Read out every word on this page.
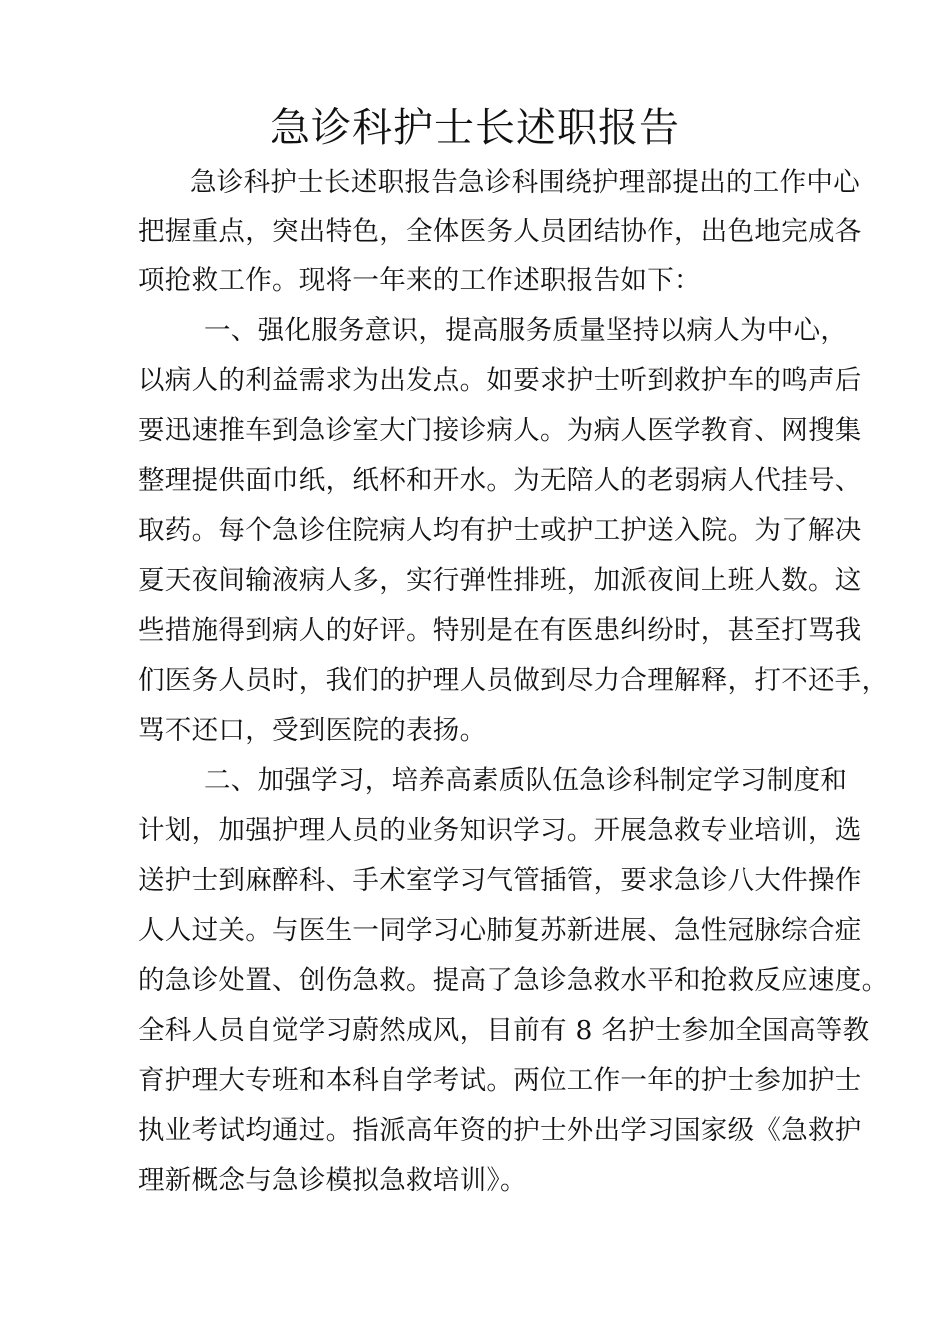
急诊科护士长述职报告
急诊科护士长述职报告急诊科围绕护理部提出的工作中心
把握重点，突出特色，全体医务人员团结协作，出色地完成各
项抢救工作。现将一年来的工作述职报告如下：
一、强化服务意识，提高服务质量坚持以病人为中心，
以病人的利益需求为出发点。如要求护士听到救护车的鸣声后
要迅速推车到急诊室大门接诊病人。为病人医学教育、网搜集
整理提供面巾纸，纸杯和开水。为无陪人的老弱病人代挂号、
取药。每个急诊住院病人均有护士或护工护送入院。为了解决
夏天夜间输液病人多，实行弹性排班，加派夜间上班人数。这
些措施得到病人的好评。特别是在有医患纠纷时，甚至打骂我
们医务人员时，我们的护理人员做到尽力合理解释，打不还手，
骂不还口，受到医院的表扬。
二、加强学习，培养高素质队伍急诊科制定学习制度和
计划，加强护理人员的业务知识学习。开展急救专业培训，选
送护士到麻醉科、手术室学习气管插管，要求急诊八大件操作
人人过关。与医生一同学习心肺复苏新进展、急性冠脉综合症
的急诊处置、创伤急救。提高了急诊急救水平和抢救反应速度。
全科人员自觉学习蔚然成风，目前有 8 名护士参加全国高等教
育护理大专班和本科自学考试。两位工作一年的护士参加护士
执业考试均通过。指派高年资的护士外出学习国家级《急救护
理新概念与急诊模拟急救培训》。
